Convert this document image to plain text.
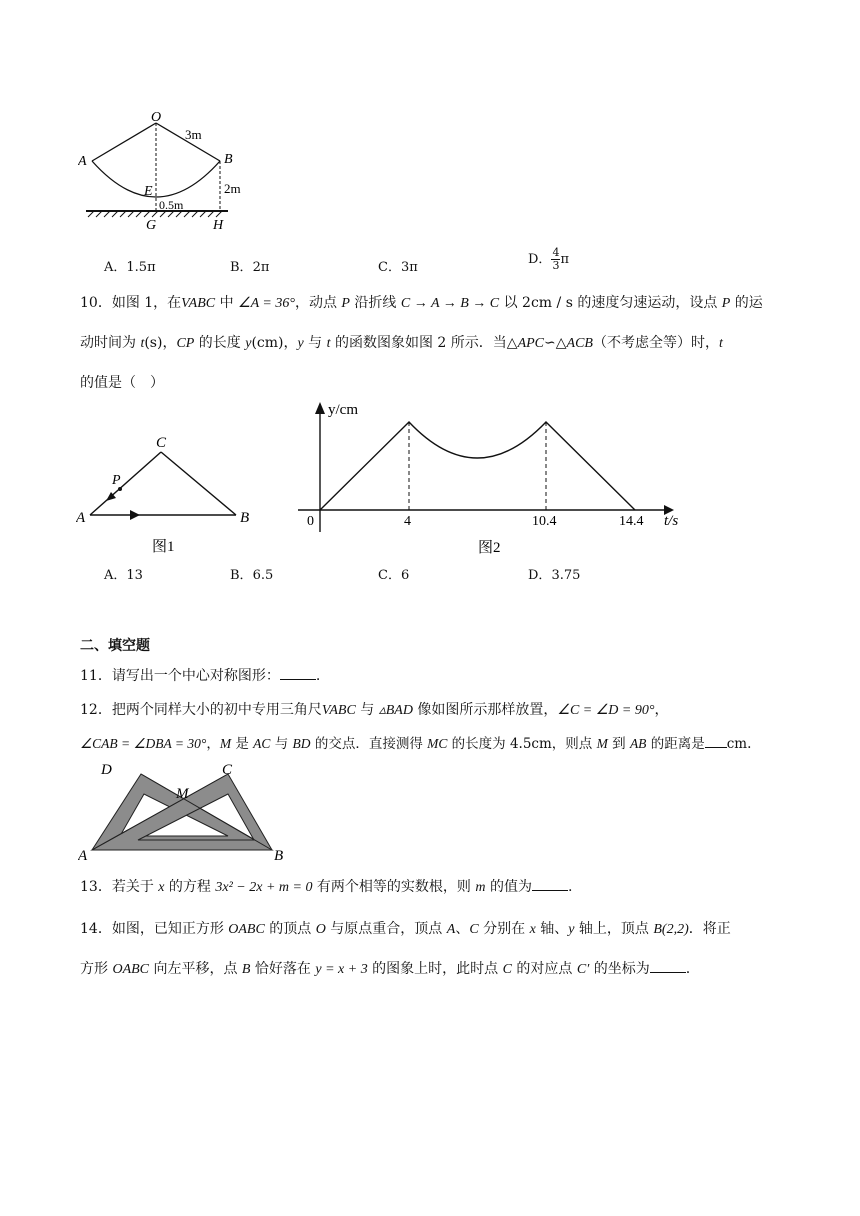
O
A	B
E
G	H
3m
2m
0.5m
A．1.5π	B．2π	C．3π
D． $\frac{4}{3}$ π
10．如图 1，在VABC 中 ∠A = 36°，动点 P 沿折线 C → A → B → C 以 2cm / s 的速度匀速运动，设点 P 的运
动时间为 t(s)，CP 的长度 y(cm)，y 与 t 的函数图象如图 2 所示．当△APC∽△ACB（不考虑全等）时，t
的值是（　）
C
P
A	B
图1
y/cm
t/s
0	4	10.4	14.4
图2
A．13	B．6.5	C．6	D．3.75
二、填空题
11．请写出一个中心对称图形：	.
12．把两个同样大小的初中专用三角尺VABC 与 ▵BAD 像如图所示那样放置，∠C = ∠D = 90°，
∠CAB = ∠DBA = 30°，M 是 AC 与 BD 的交点．直接测得 MC 的长度为 4.5cm，则点 M 到 AB 的距离是 cm.
D	C
M
A	B
13．若关于 x 的方程 3x² − 2x + m = 0 有两个相等的实数根，则 m 的值为	.
14．如图，已知正方形 OABC 的顶点 O 与原点重合，顶点 A、C 分别在 x 轴、y 轴上，顶点 B(2,2)．将正
方形 OABC 向左平移，点 B 恰好落在 y = x + 3 的图象上时，此时点 C 的对应点 C′ 的坐标为	.
